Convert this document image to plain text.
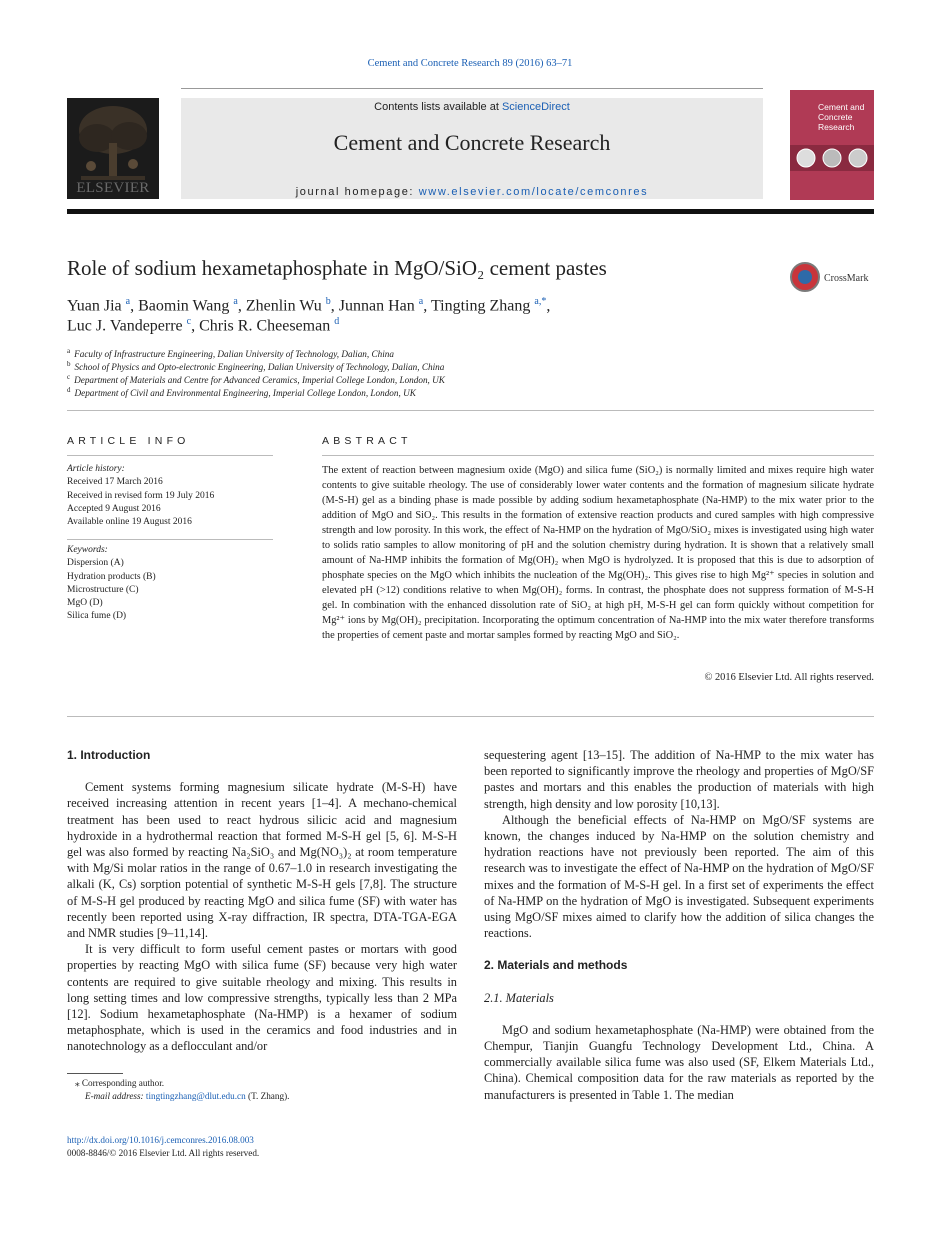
Cement and Concrete Research 89 (2016) 63–71
ELSEVIER
Contents lists available at ScienceDirect
Cement and Concrete Research
journal homepage: www.elsevier.com/locate/cemconres
Cement and
Concrete
Research
Role of sodium hexametaphosphate in MgO/SiO₂ cement pastes	CrossMark
Yuan Jia $^a$, Baomin Wang $^a$, Zhenlin Wu $^b$, Junnan Han $^a$, Tingting Zhang $^{a,*}$,
Luc J. Vandeperre $^c$, Chris R. Cheeseman $^d$
$^a$ Faculty of Infrastructure Engineering, Dalian University of Technology, Dalian, China
$^b$ School of Physics and Opto-electronic Engineering, Dalian University of Technology, Dalian, China
$^c$ Department of Materials and Centre for Advanced Ceramics, Imperial College London, London, UK
$^d$ Department of Civil and Environmental Engineering, Imperial College London, London, UK
ARTICLE INFO
Article history:
Received 17 March 2016
Received in revised form 19 July 2016
Accepted 9 August 2016
Available online 19 August 2016
Keywords:
Dispersion (A)
Hydration products (B)
Microstructure (C)
MgO (D)
Silica fume (D)
ABSTRACT
The extent of reaction between magnesium oxide (MgO) and silica fume (SiO₂) is normally limited and mixes require high water contents to give suitable rheology. The use of considerably lower water contents and the formation of magnesium silicate hydrate (M-S-H) gel as a binding phase is made possible by adding sodium hexametaphosphate (Na-HMP) to the mix water prior to the addition of MgO and SiO₂. This results in the formation of extensive reaction products and cured samples with high compressive strength and low porosity. In this work, the effect of Na-HMP on the hydration of MgO/SiO₂ mixes is investigated using high water to solids ratio samples to allow monitoring of pH and the solution chemistry during hydration. It is shown that a relatively small amount of Na-HMP inhibits the formation of Mg(OH)₂ when MgO is hydrolyzed. It is proposed that this is due to adsorption of phosphate species on the MgO which inhibits the nucleation of the Mg(OH)₂. This gives rise to high Mg²⁺ species in solution and elevated pH (>12) conditions relative to when Mg(OH)₂ forms. In contrast, the phosphate does not suppress formation of M-S-H gel. In combination with the enhanced dissolution rate of SiO₂ at high pH, M-S-H gel can form quickly without competition for Mg²⁺ ions by Mg(OH)₂ precipitation. Incorporating the optimum concentration of Na-HMP into the mix water therefore transforms the properties of cement paste and mortar samples formed by reacting MgO and SiO₂.
© 2016 Elsevier Ltd. All rights reserved.

1. Introduction

Cement systems forming magnesium silicate hydrate (M-S-H) have received increasing attention in recent years [1–4]. A mechano-chemical treatment has been used to react hydrous silicic acid and magnesium hydroxide in a hydrothermal reaction that formed M-S-H gel [5, 6]. M-S-H gel was also formed by reacting Na₂SiO₃ and Mg(NO₃)₂ at room temperature with Mg/Si molar ratios in the range of 0.67–1.0 in research investigating the alkali (K, Cs) sorption potential of synthetic M-S-H gels [7,8]. The structure of M-S-H gel produced by reacting MgO and silica fume (SF) with water has recently been reported using X-ray diffraction, IR spectra, DTA-TGA-EGA and NMR studies [9–11,14].

It is very difficult to form useful cement pastes or mortars with good properties by reacting MgO with silica fume (SF) because very high water contents are required to give suitable rheology and mixing. This results in long setting times and low compressive strengths, typically less than 2 MPa [12]. Sodium hexametaphosphate (Na-HMP) is a hexamer of sodium metaphosphate, which is used in the ceramics and food industries and in nanotechnology as a deflocculant and/or

sequestering agent [13–15]. The addition of Na-HMP to the mix water has been reported to significantly improve the rheology and properties of MgO/SF pastes and mortars and this enables the production of materials with high strength, high density and low porosity [10,13].

Although the beneficial effects of Na-HMP on MgO/SF systems are known, the changes induced by Na-HMP on the solution chemistry and hydration reactions have not previously been reported. The aim of this research was to investigate the effect of Na-HMP on the hydration of MgO/SF mixes and the formation of M-S-H gel. In a first set of experiments the effect of Na-HMP on the hydration of MgO is investigated. Subsequent experiments using MgO/SF mixes aimed to clarify how the addition of silica changes the reactions.

2. Materials and methods

2.1. Materials

MgO and sodium hexametaphosphate (Na-HMP) were obtained from the Chempur, Tianjin Guangfu Technology Development Ltd., China. A commercially available silica fume was also used (SF, Elkem Materials Ltd., China). Chemical composition data for the raw materials as reported by the manufacturers is presented in Table 1. The median

⁎ Corresponding author.
E-mail address: tingtingzhang@dlut.edu.cn (T. Zhang).
http://dx.doi.org/10.1016/j.cemconres.2016.08.003
0008-8846/© 2016 Elsevier Ltd. All rights reserved.
